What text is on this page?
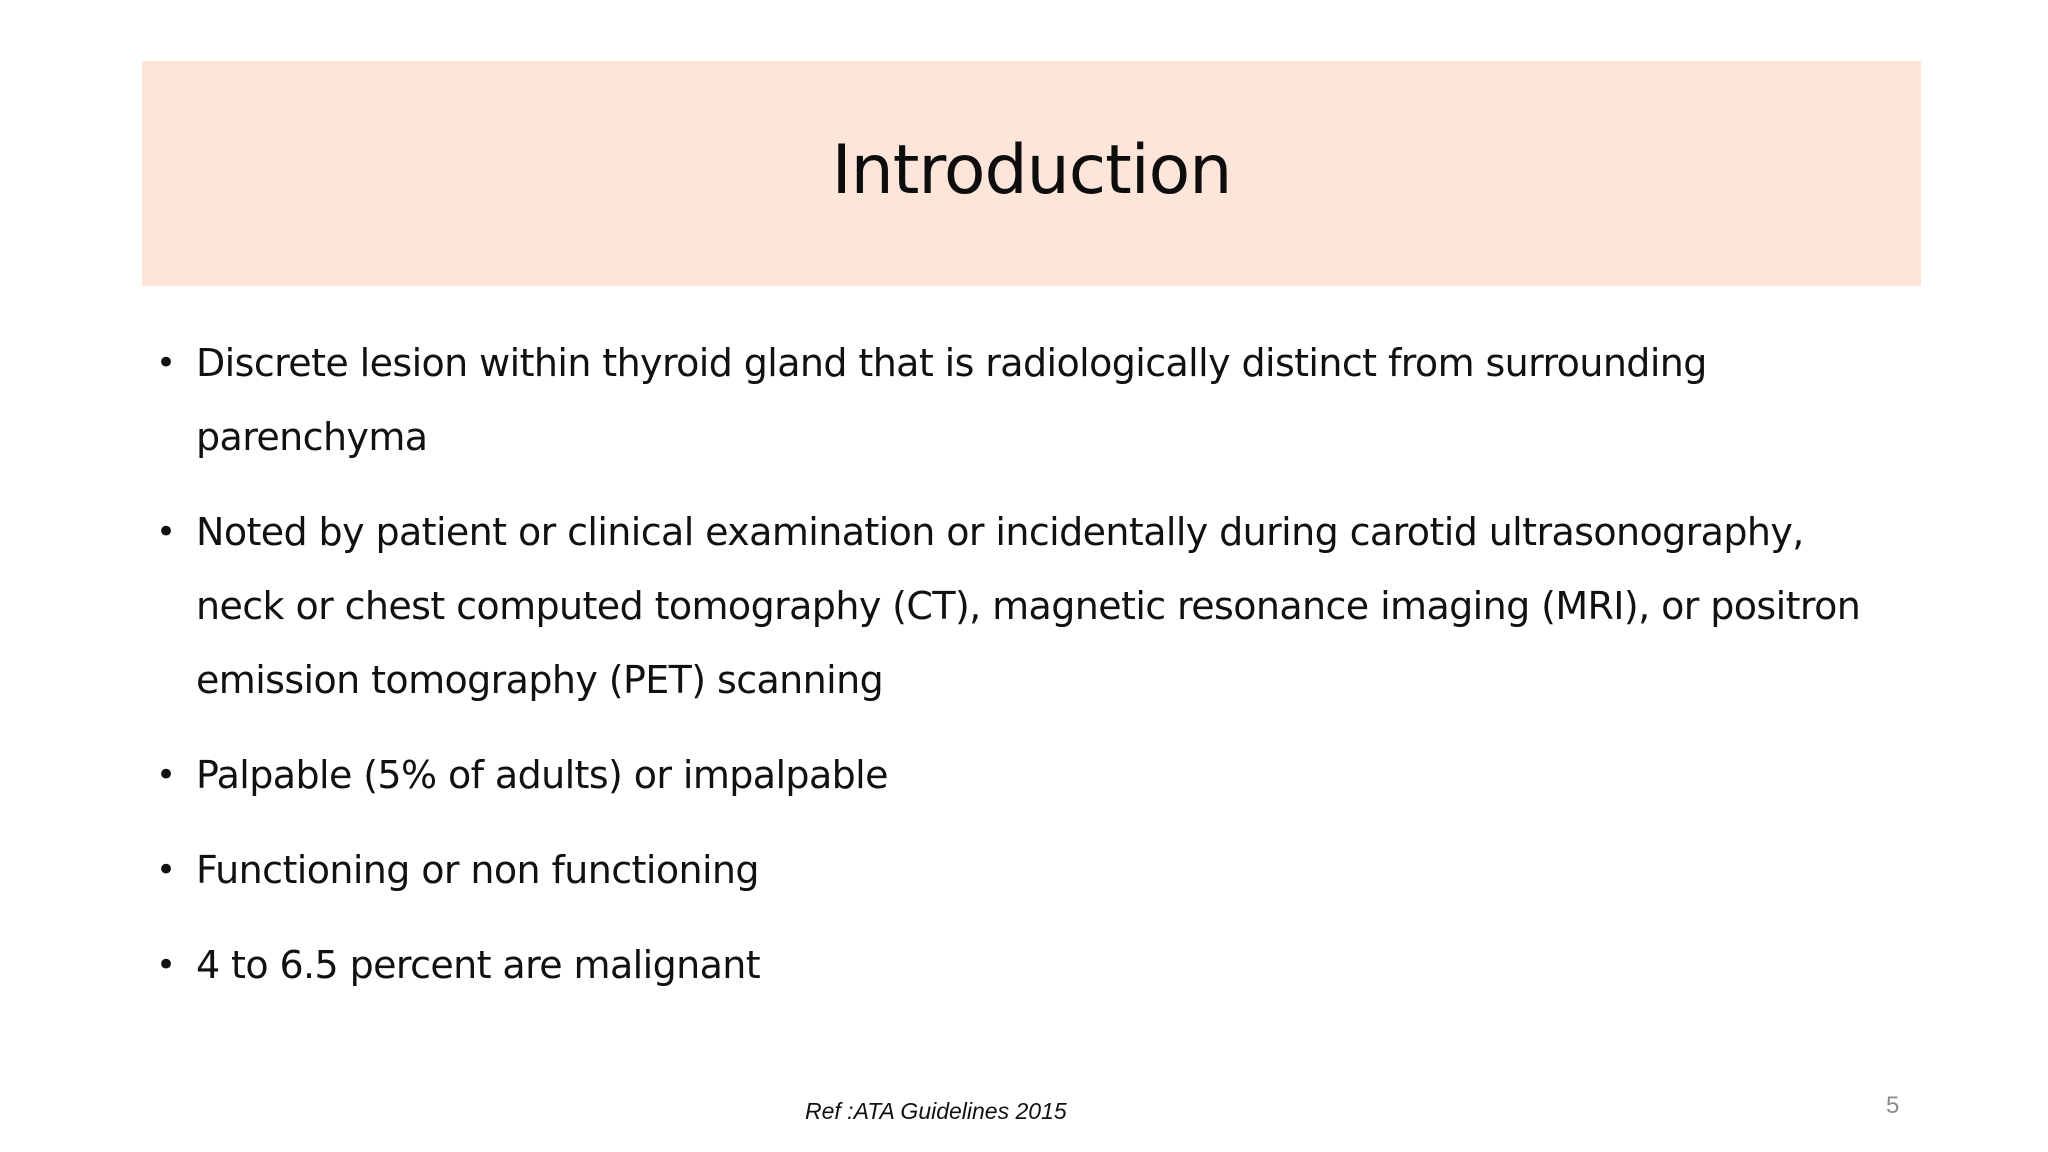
Introduction
• Discrete lesion within thyroid gland that is radiologically distinct from surrounding parenchyma
• Noted by patient or clinical examination or incidentally during carotid ultrasonography, neck or chest computed tomography (CT), magnetic resonance imaging (MRI), or positron emission tomography (PET) scanning
• Palpable (5% of adults) or impalpable
• Functioning or non functioning
• 4 to 6.5 percent are malignant
Ref :ATA Guidelines 2015	5
